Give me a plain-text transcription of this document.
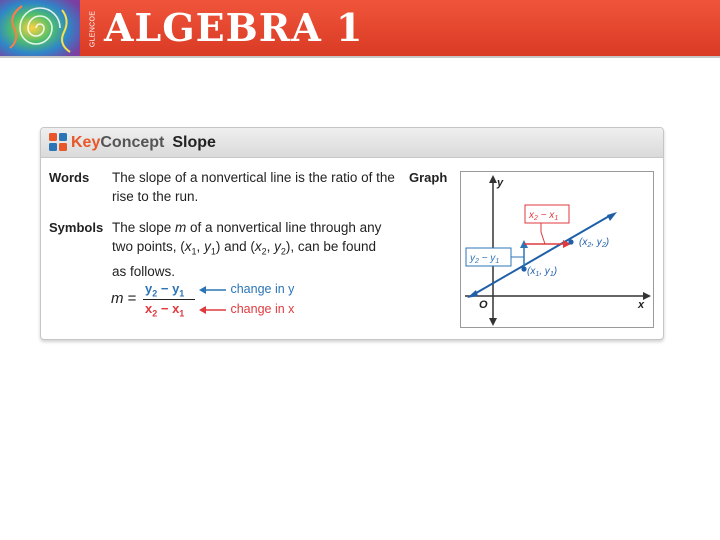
GLENCOE ALGEBRA 1
KeyConcept Slope
Words The slope of a nonvertical line is the ratio of the rise to the run.
Symbols The slope m of a nonvertical line through any two points, ($x_1$, $y_1$) and ($x_2$, $y_2$), can be found as follows.
m =
$y_2 - y_1$
$x_2 - x_1$
change in y
change in x
Graph	y
x
O
$y_2 - y_1$
$x_2 - x_1$
($x_1$, $y_1$)
($x_2$, $y_2$)
